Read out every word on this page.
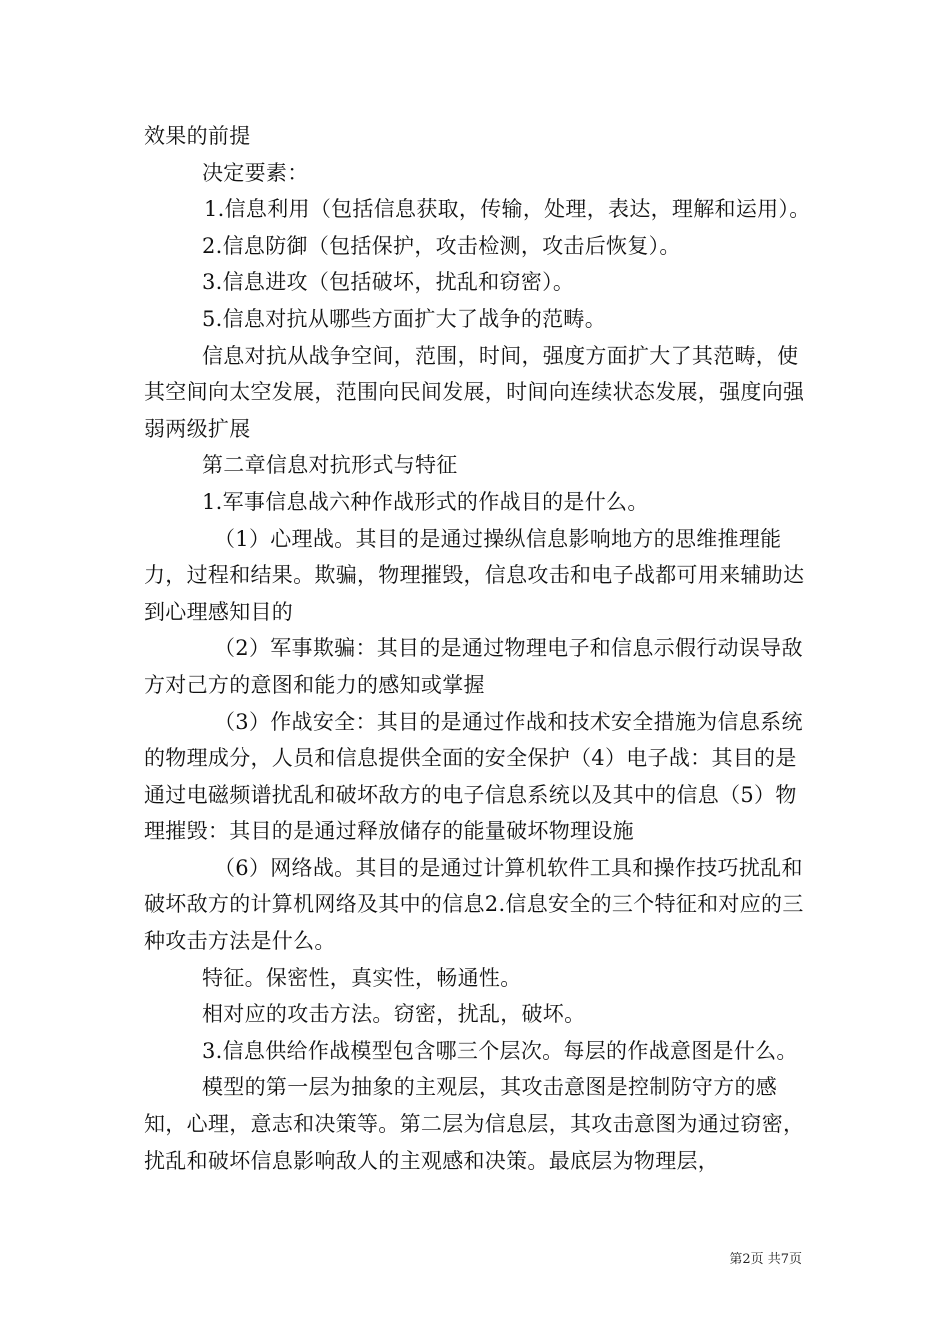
效果的前提

决定要素：

1.信息利用（包括信息获取，传输，处理，表达，理解和运用）。

2.信息防御（包括保护，攻击检测，攻击后恢复）。

3.信息进攻（包括破坏，扰乱和窃密）。

5.信息对抗从哪些方面扩大了战争的范畴。

信息对抗从战争空间，范围，时间，强度方面扩大了其范畴，使其空间向太空发展，范围向民间发展，时间向连续状态发展，强度向强弱两级扩展

第二章信息对抗形式与特征

1.军事信息战六种作战形式的作战目的是什么。

（1）心理战。其目的是通过操纵信息影响地方的思维推理能力，过程和结果。欺骗，物理摧毁，信息攻击和电子战都可用来辅助达到心理感知目的

（2）军事欺骗：其目的是通过物理电子和信息示假行动误导敌方对己方的意图和能力的感知或掌握

（3）作战安全：其目的是通过作战和技术安全措施为信息系统的物理成分，人员和信息提供全面的安全保护（4）电子战：其目的是通过电磁频谱扰乱和破坏敌方的电子信息系统以及其中的信息（5）物理摧毁：其目的是通过释放储存的能量破坏物理设施

（6）网络战。其目的是通过计算机软件工具和操作技巧扰乱和破坏敌方的计算机网络及其中的信息2.信息安全的三个特征和对应的三种攻击方法是什么。

特征。保密性，真实性，畅通性。

相对应的攻击方法。窃密，扰乱，破坏。

3.信息供给作战模型包含哪三个层次。每层的作战意图是什么。

模型的第一层为抽象的主观层，其攻击意图是控制防守方的感知，心理，意志和决策等。第二层为信息层，其攻击意图为通过窃密，扰乱和破坏信息影响敌人的主观感和决策。最底层为物理层，

第2页 共7页
